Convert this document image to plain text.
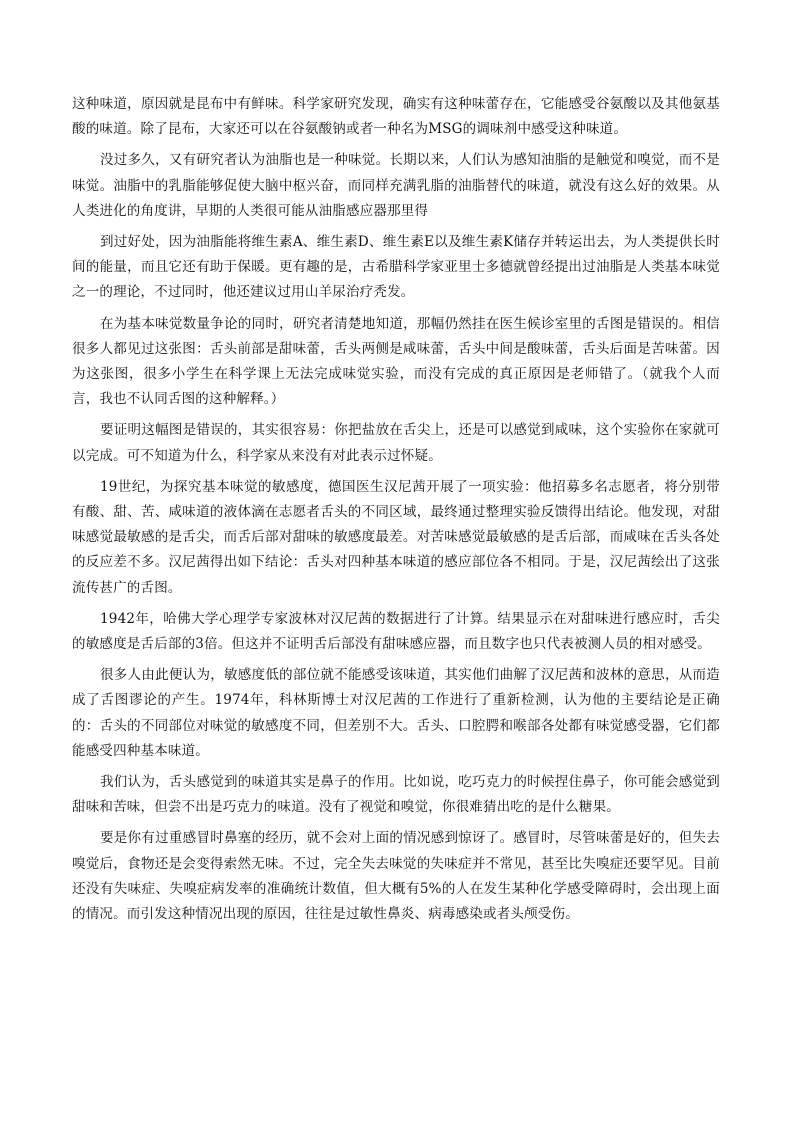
这种味道，原因就是昆布中有鲜味。科学家研究发现，确实有这种味蕾存在，它能感受谷氨酸以及其他氨基酸的味道。除了昆布，大家还可以在谷氨酸钠或者一种名为MSG的调味剂中感受这种味道。

没过多久，又有研究者认为油脂也是一种味觉。长期以来，人们认为感知油脂的是触觉和嗅觉，而不是味觉。油脂中的乳脂能够促使大脑中枢兴奋，而同样充满乳脂的油脂替代的味道，就没有这么好的效果。从人类进化的角度讲，早期的人类很可能从油脂感应器那里得

到过好处，因为油脂能将维生素A、维生素D、维生素E以及维生素K储存并转运出去，为人类提供长时间的能量，而且它还有助于保暖。更有趣的是，古希腊科学家亚里士多德就曾经提出过油脂是人类基本味觉之一的理论，不过同时，他还建议过用山羊尿治疗秃发。

在为基本味觉数量争论的同时，研究者清楚地知道，那幅仍然挂在医生候诊室里的舌图是错误的。相信很多人都见过这张图：舌头前部是甜味蕾，舌头两侧是咸味蕾，舌头中间是酸味蕾，舌头后面是苦味蕾。因为这张图，很多小学生在科学课上无法完成味觉实验，而没有完成的真正原因是老师错了。（就我个人而言，我也不认同舌图的这种解释。）

要证明这幅图是错误的，其实很容易：你把盐放在舌尖上，还是可以感觉到咸味，这个实验你在家就可以完成。可不知道为什么，科学家从来没有对此表示过怀疑。

19世纪，为探究基本味觉的敏感度，德国医生汉尼茜开展了一项实验：他招募多名志愿者，将分别带有酸、甜、苦、咸味道的液体滴在志愿者舌头的不同区域，最终通过整理实验反馈得出结论。他发现，对甜味感觉最敏感的是舌尖，而舌后部对甜味的敏感度最差。对苦味感觉最敏感的是舌后部，而咸味在舌头各处的反应差不多。汉尼茜得出如下结论：舌头对四种基本味道的感应部位各不相同。于是，汉尼茜绘出了这张流传甚广的舌图。

1942年，哈佛大学心理学专家波林对汉尼茜的数据进行了计算。结果显示在对甜味进行感应时，舌尖的敏感度是舌后部的3倍。但这并不证明舌后部没有甜味感应器，而且数字也只代表被测人员的相对感受。

很多人由此便认为，敏感度低的部位就不能感受该味道，其实他们曲解了汉尼茜和波林的意思，从而造成了舌图谬论的产生。1974年，科林斯博士对汉尼茜的工作进行了重新检测，认为他的主要结论是正确的：舌头的不同部位对味觉的敏感度不同，但差别不大。舌头、口腔腭和喉部各处都有味觉感受器，它们都能感受四种基本味道。

我们认为，舌头感觉到的味道其实是鼻子的作用。比如说，吃巧克力的时候捏住鼻子，你可能会感觉到甜味和苦味，但尝不出是巧克力的味道。没有了视觉和嗅觉，你很难猜出吃的是什么糖果。

要是你有过重感冒时鼻塞的经历，就不会对上面的情况感到惊讶了。感冒时，尽管味蕾是好的，但失去嗅觉后，食物还是会变得索然无味。不过，完全失去味觉的失味症并不常见，甚至比失嗅症还要罕见。目前还没有失味症、失嗅症病发率的准确统计数值，但大概有5%的人在发生某种化学感受障碍时，会出现上面的情况。而引发这种情况出现的原因，往往是过敏性鼻炎、病毒感染或者头颅受伤。
